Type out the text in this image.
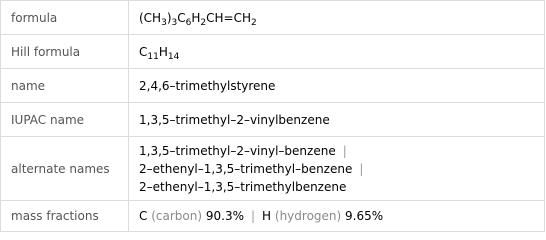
formula	$(CH_3)_3C_6H_2CH=CH_2$
Hill formula	$C_{11}H_{14}$
name	2,4,6–trimethylstyrene
IUPAC name	1,3,5–trimethyl–2–vinylbenzene
alternate names	1,3,5–trimethyl–2–vinyl–benzene |
2–ethenyl–1,3,5–trimethyl–benzene |
2–ethenyl–1,3,5–trimethylbenzene

mass fractions	C (carbon) 90.3% | H (hydrogen) 9.65%
